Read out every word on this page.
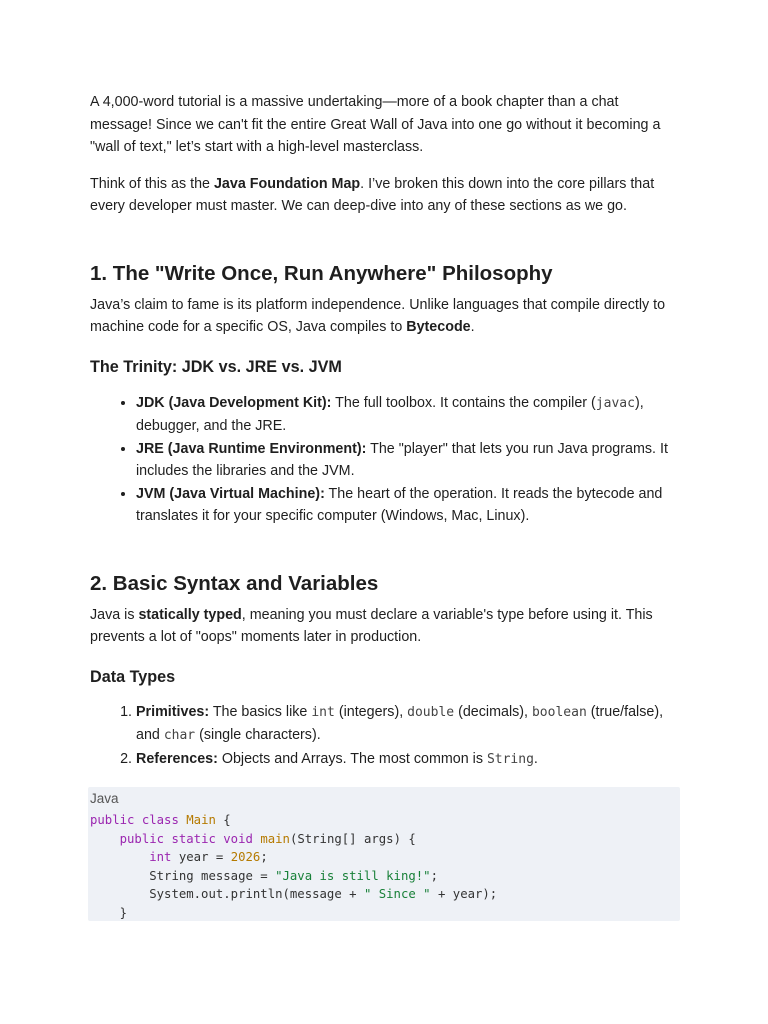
A 4,000-word tutorial is a massive undertaking—more of a book chapter than a chat message! Since we can't fit the entire Great Wall of Java into one go without it becoming a "wall of text," let’s start with a high-level masterclass.

Think of this as the Java Foundation Map. I’ve broken this down into the core pillars that every developer must master. We can deep-dive into any of these sections as we go.

1. The "Write Once, Run Anywhere" Philosophy

Java’s claim to fame is its platform independence. Unlike languages that compile directly to machine code for a specific OS, Java compiles to Bytecode.

The Trinity: JDK vs. JRE vs. JVM
• JDK (Java Development Kit): The full toolbox. It contains the compiler (javac), debugger, and the JRE.
• JRE (Java Runtime Environment): The "player" that lets you run Java programs. It includes the libraries and the JVM.
• JVM (Java Virtual Machine): The heart of the operation. It reads the bytecode and translates it for your specific computer (Windows, Mac, Linux).
2. Basic Syntax and Variables

Java is statically typed, meaning you must declare a variable's type before using it. This prevents a lot of "oops" moments later in production.

Data Types
1. Primitives: The basics like int (integers), double (decimals), boolean (true/false), and char (single characters).
2. References: Objects and Arrays. The most common is String.
Java
public class Main {
public static void main(String[] args) {
int year = 2026;
String message = "Java is still king!";
System.out.println(message + " Since " + year);
}
